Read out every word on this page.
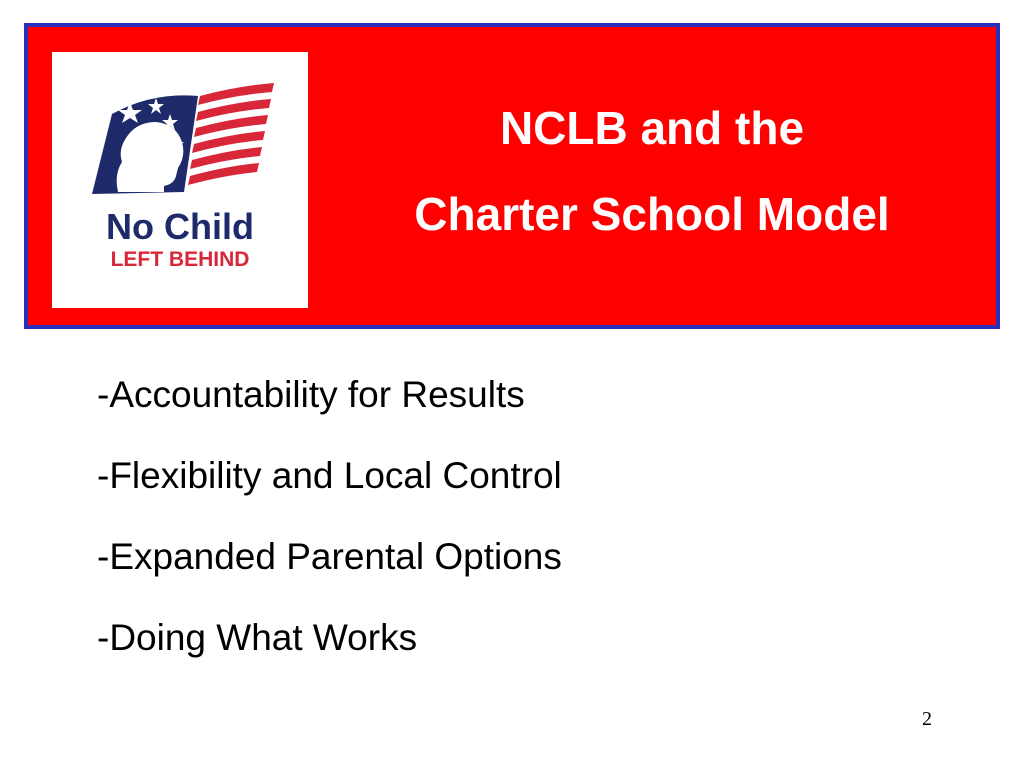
No Child
LEFT BEHIND
NCLB and the
Charter School Model
-Accountability for Results
-Flexibility and Local Control
-Expanded Parental Options
-Doing What Works
2
